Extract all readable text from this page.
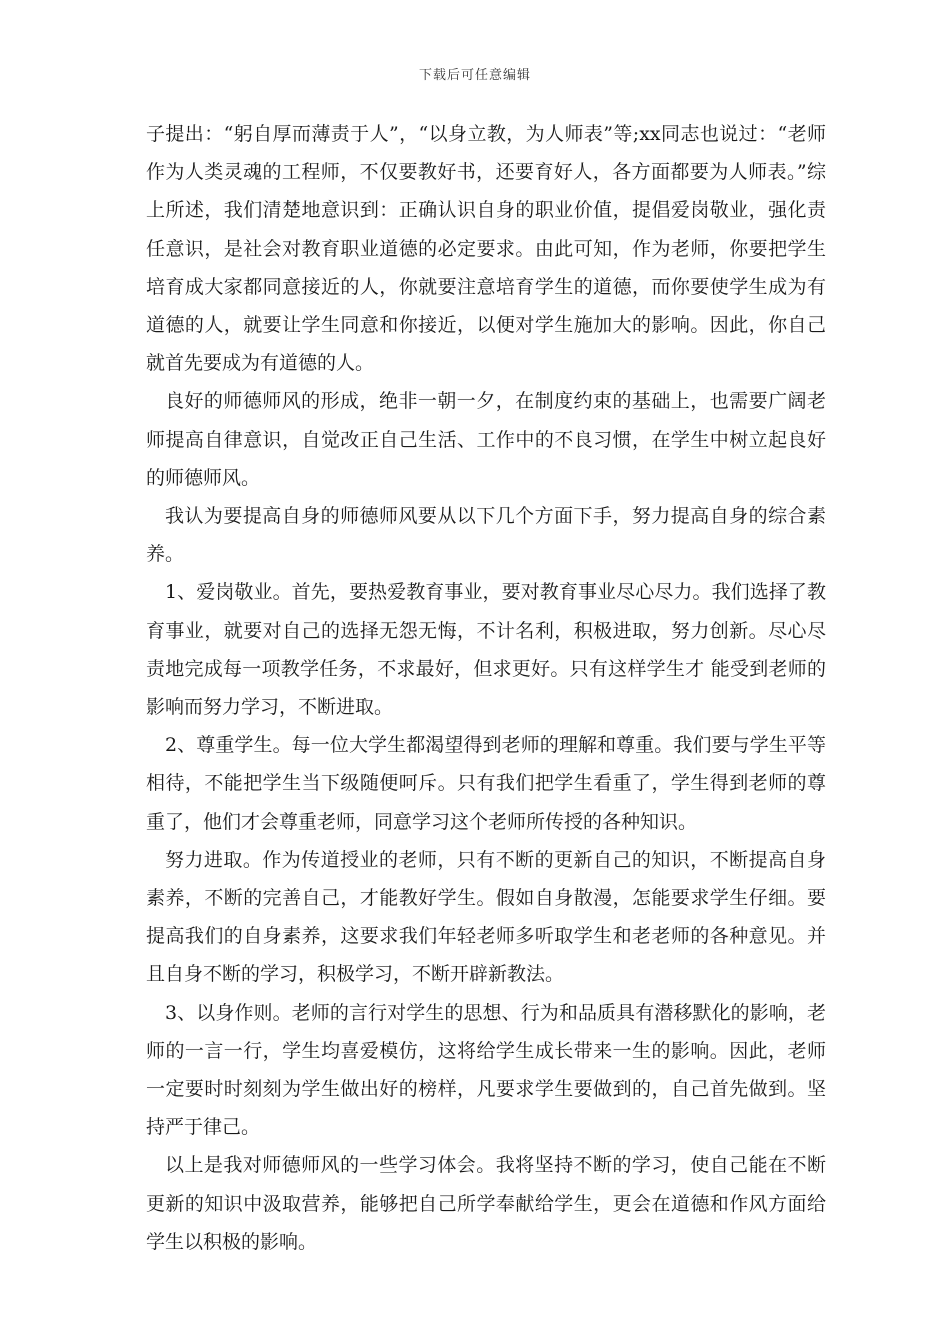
下载后可任意编辑

子提出：“躬自厚而薄责于人”，“以身立教，为人师表”等;xx同志也说过：“老师作为人类灵魂的工程师，不仅要教好书，还要育好人，各方面都要为人师表。”综上所述，我们清楚地意识到：正确认识自身的职业价值，提倡爱岗敬业，强化责任意识，是社会对教育职业道德的必定要求。由此可知，作为老师，你要把学生培育成大家都同意接近的人，你就要注意培育学生的道德，而你要使学生成为有道德的人，就要让学生同意和你接近，以便对学生施加大的影响。因此，你自己就首先要成为有道德的人。

良好的师德师风的形成，绝非一朝一夕，在制度约束的基础上，也需要广阔老师提高自律意识，自觉改正自己生活、工作中的不良习惯，在学生中树立起良好的师德师风。

我认为要提高自身的师德师风要从以下几个方面下手，努力提高自身的综合素养。

1、爱岗敬业。首先，要热爱教育事业，要对教育事业尽心尽力。我们选择了教育事业，就要对自己的选择无怨无悔，不计名利，积极进取，努力创新。尽心尽责地完成每一项教学任务，不求最好，但求更好。只有这样学生才 能受到老师的影响而努力学习，不断进取。

2、尊重学生。每一位大学生都渴望得到老师的理解和尊重。我们要与学生平等相待，不能把学生当下级随便呵斥。只有我们把学生看重了，学生得到老师的尊重了，他们才会尊重老师，同意学习这个老师所传授的各种知识。

努力进取。作为传道授业的老师，只有不断的更新自己的知识，不断提高自身素养，不断的完善自己，才能教好学生。假如自身散漫，怎能要求学生仔细。要提高我们的自身素养，这要求我们年轻老师多听取学生和老老师的各种意见。并且自身不断的学习，积极学习，不断开辟新教法。

3、以身作则。老师的言行对学生的思想、行为和品质具有潜移默化的影响，老师的一言一行，学生均喜爱模仿，这将给学生成长带来一生的影响。因此，老师一定要时时刻刻为学生做出好的榜样，凡要求学生要做到的，自己首先做到。坚持严于律己。

以上是我对师德师风的一些学习体会。我将坚持不断的学习，使自己能在不断更新的知识中汲取营养，能够把自己所学奉献给学生，更会在道德和作风方面给学生以积极的影响。
